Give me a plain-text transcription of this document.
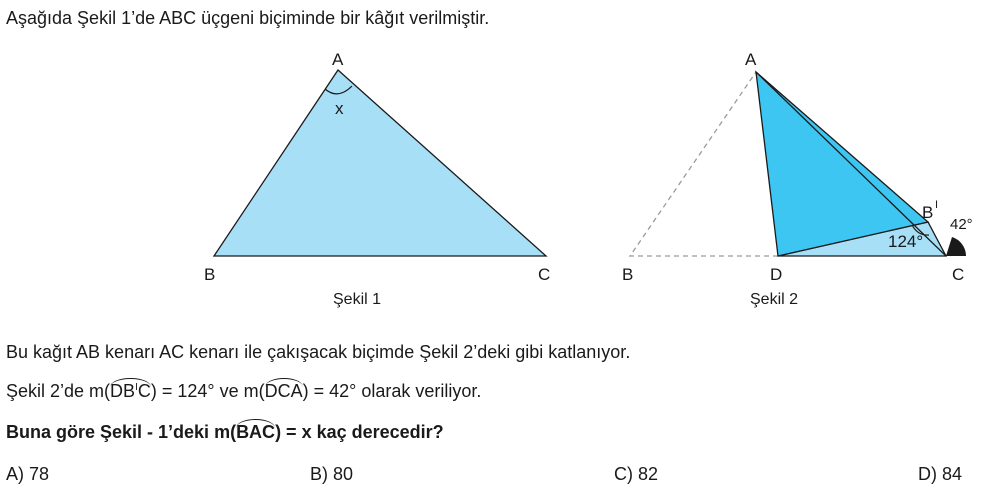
Aşağıda Şekil 1’de ABC üçgeni biçiminde bir kâğıt verilmiştir.
A
B	C
x
Şekil 1
A
B	D	C
B I
124°
42°
Şekil 2
Bu kağıt AB kenarı AC kenarı ile çakışacak biçimde Şekil 2’deki gibi katlanıyor.
Şekil 2’de $m(DB^IC) = 124^\circ$ ve m(DCA) = 42° olarak veriliyor.
Buna göre Şekil - 1’deki m(BAC) = x kaç derecedir?
A) 78	B) 80	C) 82	D) 84
